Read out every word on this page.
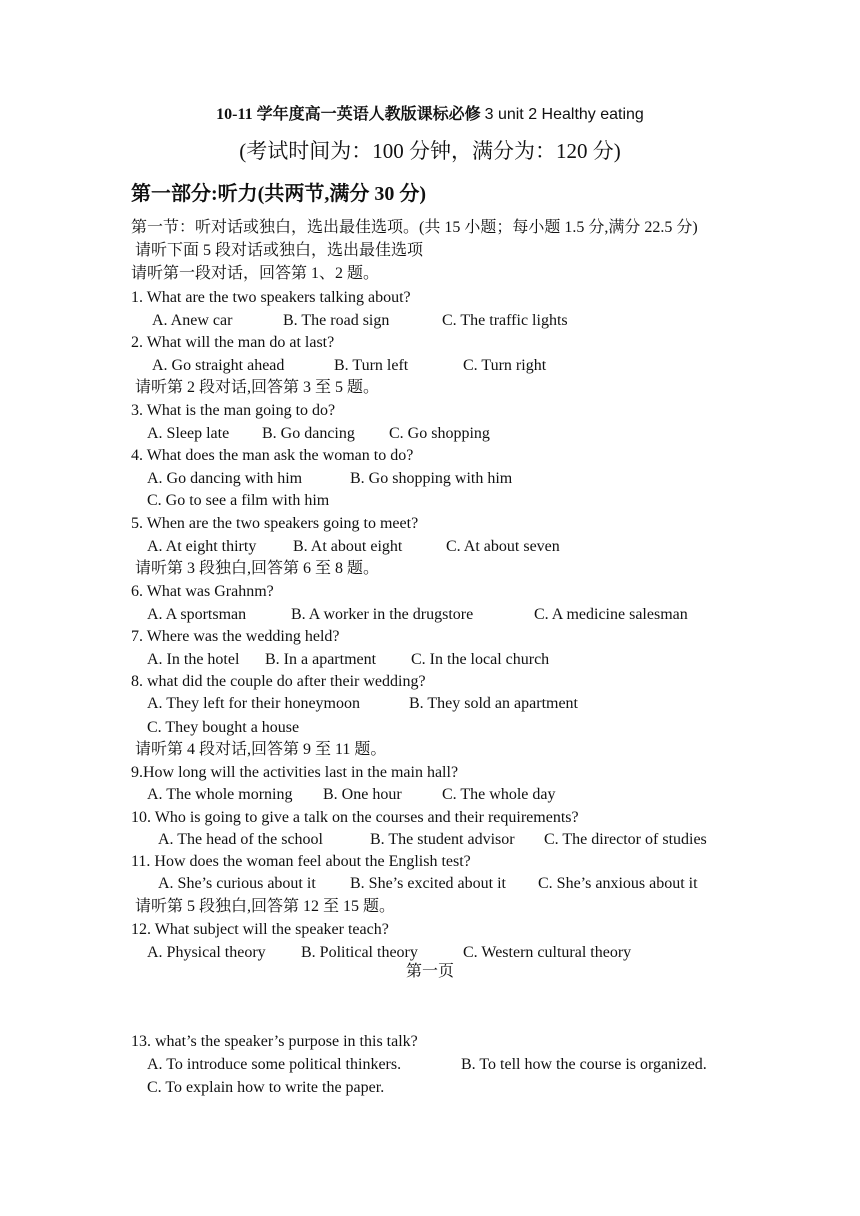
10-11 学年度高一英语人教版课标必修 3 unit 2 Healthy eating
(考试时间为：100 分钟，满分为：120 分)
第一部分:听力(共两节,满分 30 分)
第一节：听对话或独白，选出最佳选项。(共 15 小题；每小题 1.5 分,满分 22.5 分)
请听下面 5 段对话或独白，选出最佳选项
请听第一段对话，回答第 1、2 题。
1. What are the two speakers talking about?
A. Anew car	B. The road sign	C. The traffic lights
2. What will the man do at last?
A. Go straight ahead	B. Turn left	C. Turn right
请听第 2 段对话,回答第 3 至 5 题。
3. What is the man going to do?
A. Sleep late B. Go dancing C. Go shopping
4. What does the man ask the woman to do?
A. Go dancing with him	B. Go shopping with him
C. Go to see a film with him
5. When are the two speakers going to meet?
A. At eight thirty B. At about eight	C. At about seven
请听第 3 段独白,回答第 6 至 8 题。
6. What was Grahnm?
A. A sportsman	B. A worker in the drugstore	C. A medicine salesman
7. Where was the wedding held?
A. In the hotel B. In a apartment C. In the local church
8. what did the couple do after their wedding?
A. They left for their honeymoon	B. They sold an apartment
C. They bought a house
请听第 4 段对话,回答第 9 至 11 题。
9.How long will the activities last in the main hall?
A. The whole morning B. One hour	C. The whole day
10. Who is going to give a talk on the courses and their requirements?
A. The head of the school	B. The student advisor C. The director of studies
11. How does the woman feel about the English test?
A. She’s curious about it B. She’s excited about it C. She’s anxious about it
请听第 5 段独白,回答第 12 至 15 题。
12. What subject will the speaker teach?
A. Physical theory B. Political theory	C. Western cultural theory
第一页
13. what’s the speaker’s purpose in this talk?
A. To introduce some political thinkers.	B. To tell how the course is organized.
C. To explain how to write the paper.
